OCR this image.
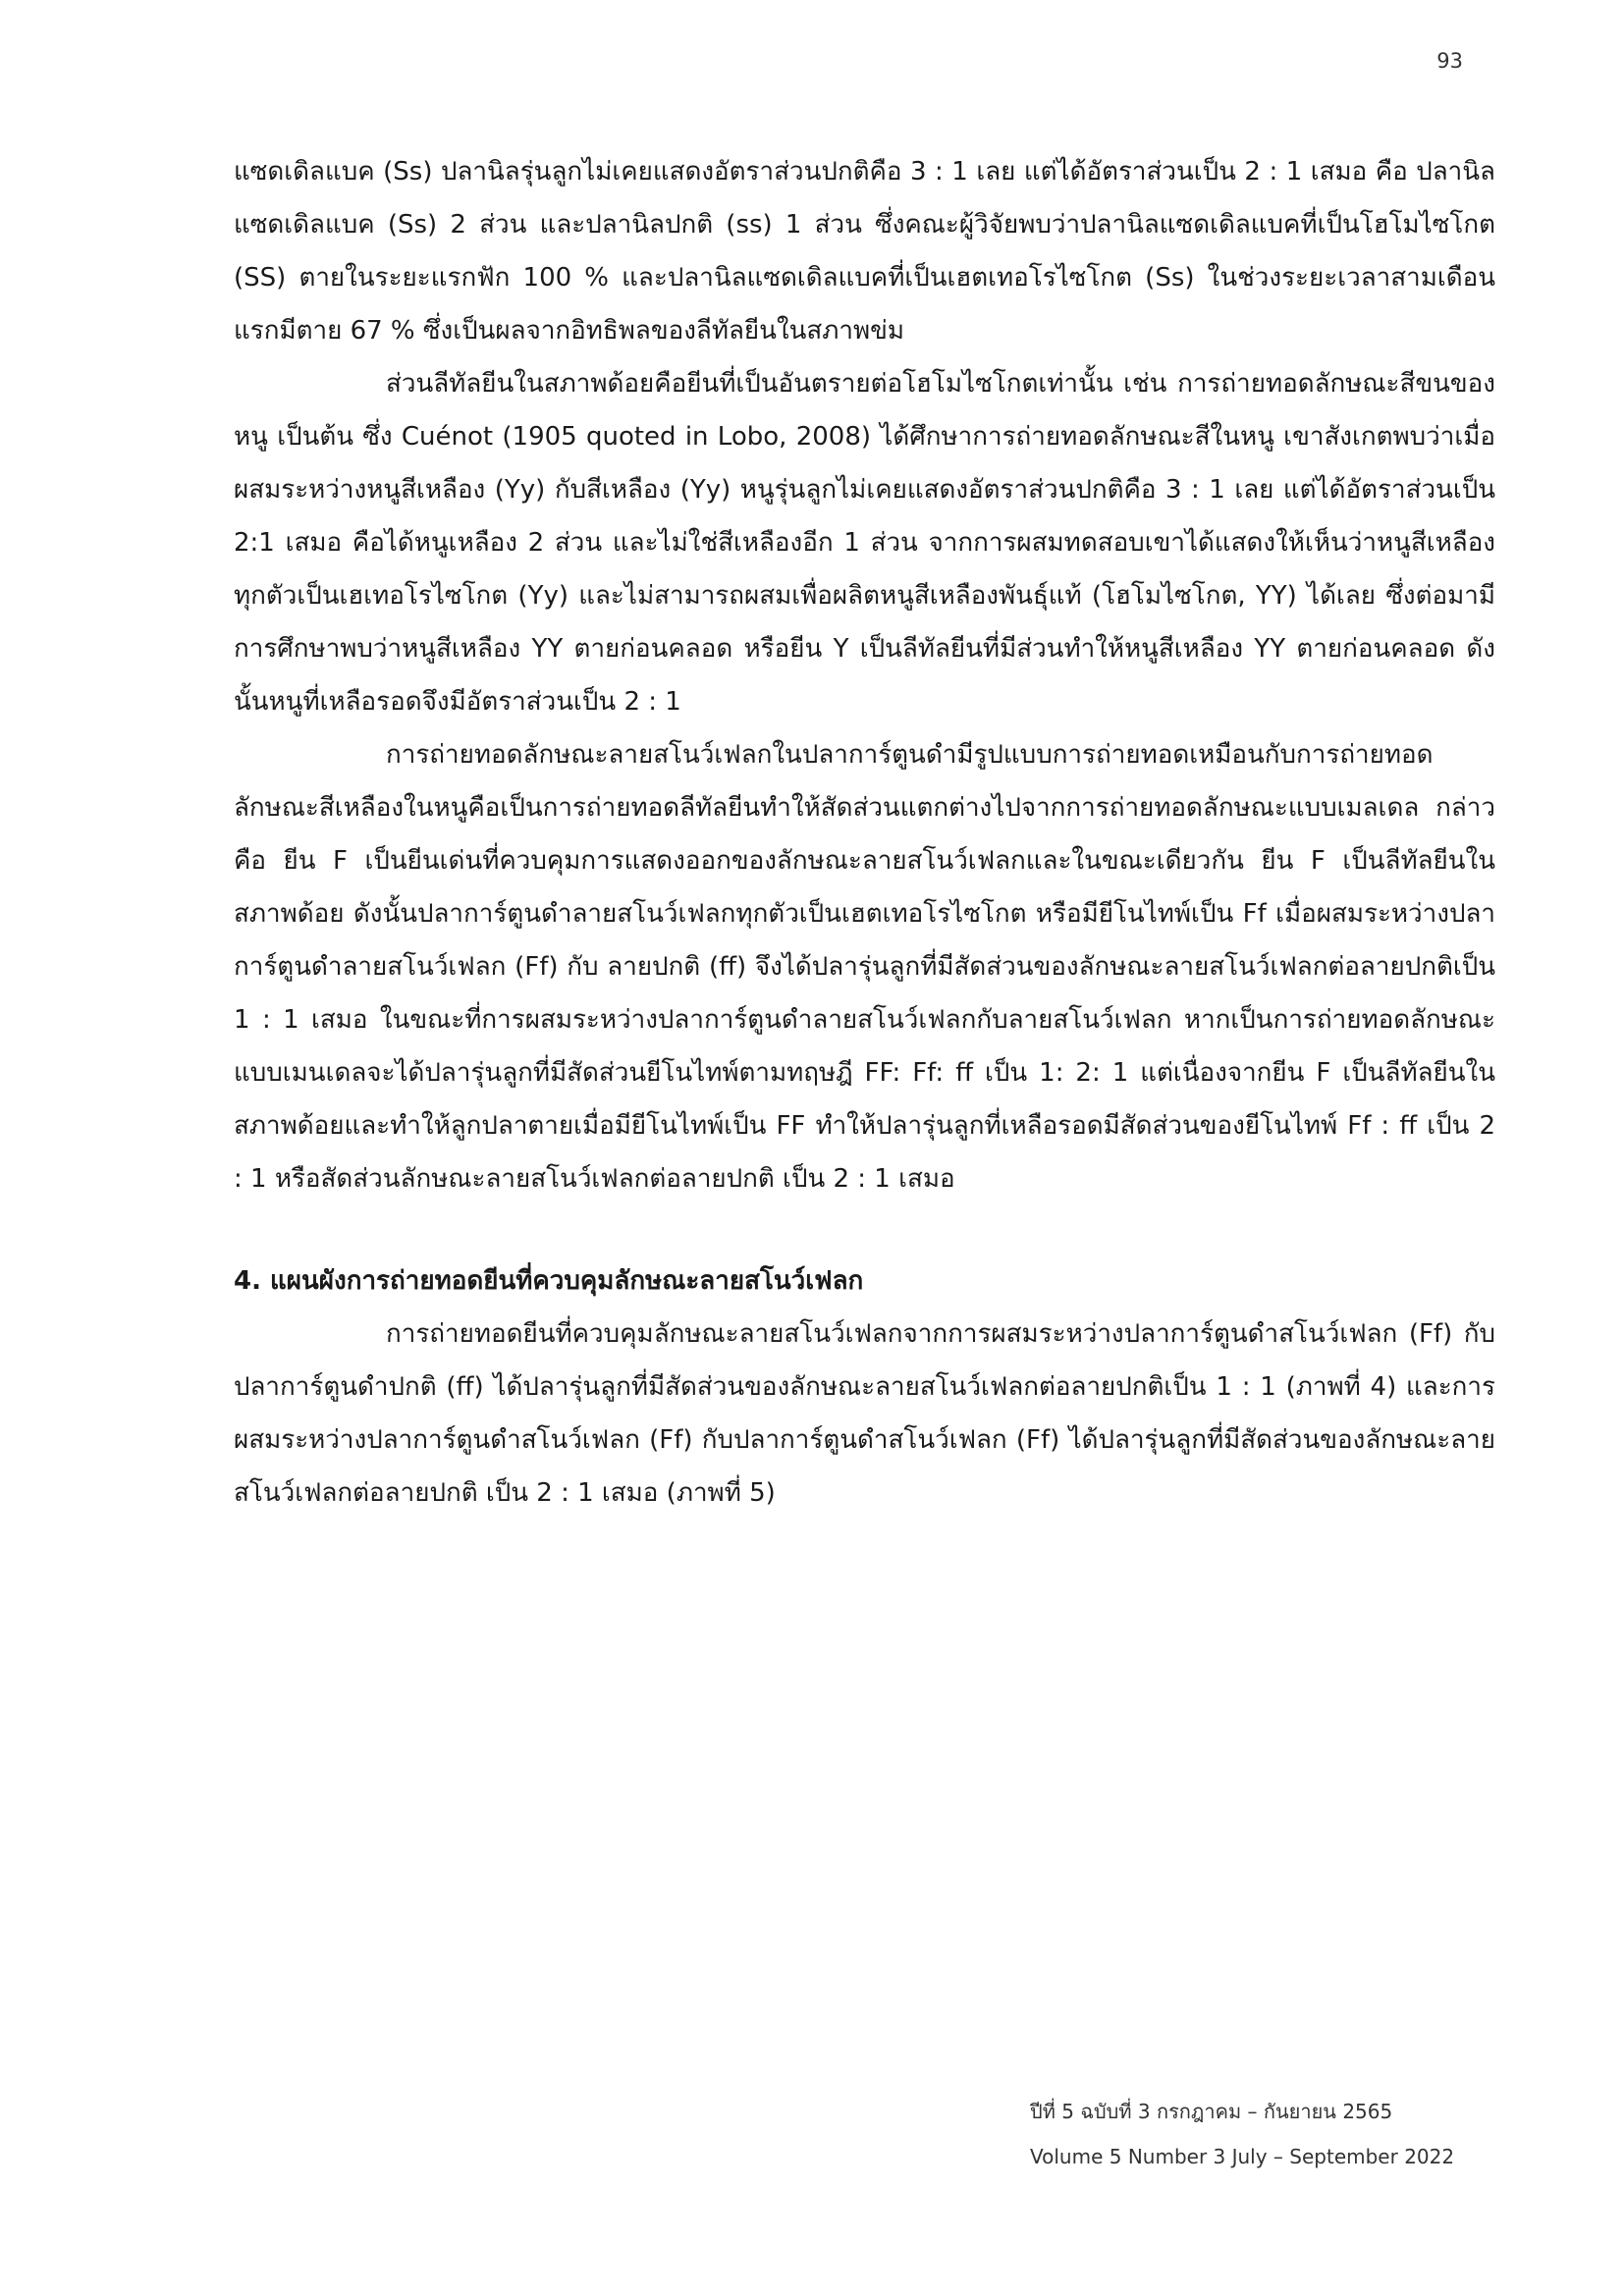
93

แซดเดิลแบค (Ss) ปลานิลรุ่นลูกไม่เคยแสดงอัตราส่วนปกติคือ 3 : 1 เลย แต่ได้อัตราส่วนเป็น 2 : 1 เสมอ คือ ปลานิลแซดเดิลแบค (Ss) 2 ส่วน และปลานิลปกติ (ss) 1 ส่วน ซึ่งคณะผู้วิจัยพบว่าปลานิลแซดเดิลแบคที่เป็นโฮโมไซโกต (SS) ตายในระยะแรกฟัก 100 % และปลานิลแซดเดิลแบคที่เป็นเฮตเทอโรไซโกต (Ss) ในช่วงระยะเวลาสามเดือนแรกมีตาย 67 % ซึ่งเป็นผลจากอิทธิพลของลีทัลยีนในสภาพข่ม

ส่วนลีทัลยีนในสภาพด้อยคือยีนที่เป็นอันตรายต่อโฮโมไซโกตเท่านั้น เช่น การถ่ายทอดลักษณะสีขนของหนู เป็นต้น ซึ่ง Cuénot (1905 quoted in Lobo, 2008) ได้ศึกษาการถ่ายทอดลักษณะสีในหนู เขาสังเกตพบว่าเมื่อผสมระหว่างหนูสีเหลือง (Yy) กับสีเหลือง (Yy) หนูรุ่นลูกไม่เคยแสดงอัตราส่วนปกติคือ 3 : 1 เลย แต่ได้อัตราส่วนเป็น 2:1 เสมอ คือได้หนูเหลือง 2 ส่วน และไม่ใช่สีเหลืองอีก 1 ส่วน จากการผสมทดสอบเขาได้แสดงให้เห็นว่าหนูสีเหลืองทุกตัวเป็นเฮเทอโรไซโกต (Yy) และไม่สามารถผสมเพื่อผลิตหนูสีเหลืองพันธุ์แท้ (โฮโมไซโกต, YY) ได้เลย ซึ่งต่อมามีการศึกษาพบว่าหนูสีเหลือง YY ตายก่อนคลอด หรือยีน Y เป็นลีทัลยีนที่มีส่วนทำให้หนูสีเหลือง YY ตายก่อนคลอด ดังนั้นหนูที่เหลือรอดจึงมีอัตราส่วนเป็น 2 : 1

การถ่ายทอดลักษณะลายสโนว์เฟลกในปลาการ์ตูนดำมีรูปแบบการถ่ายทอดเหมือนกับการถ่ายทอดลักษณะสีเหลืองในหนูคือเป็นการถ่ายทอดลีทัลยีนทำให้สัดส่วนแตกต่างไปจากการถ่ายทอดลักษณะแบบเมลเดล กล่าวคือ ยีน F เป็นยีนเด่นที่ควบคุมการแสดงออกของลักษณะลายสโนว์เฟลกและในขณะเดียวกัน ยีน F เป็นลีทัลยีนในสภาพด้อย ดังนั้นปลาการ์ตูนดำลายสโนว์เฟลกทุกตัวเป็นเฮตเทอโรไซโกต หรือมียีโนไทพ์เป็น Ff เมื่อผสมระหว่างปลาการ์ตูนดำลายสโนว์เฟลก (Ff) กับ ลายปกติ (ff) จึงได้ปลารุ่นลูกที่มีสัดส่วนของลักษณะลายสโนว์เฟลกต่อลายปกติเป็น 1 : 1 เสมอ ในขณะที่การผสมระหว่างปลาการ์ตูนดำลายสโนว์เฟลกกับลายสโนว์เฟลก หากเป็นการถ่ายทอดลักษณะแบบเมนเดลจะได้ปลารุ่นลูกที่มีสัดส่วนยีโนไทพ์ตามทฤษฎี FF: Ff: ff เป็น 1: 2: 1 แต่เนื่องจากยีน F เป็นลีทัลยีนในสภาพด้อยและทำให้ลูกปลาตายเมื่อมียีโนไทพ์เป็น FF ทำให้ปลารุ่นลูกที่เหลือรอดมีสัดส่วนของยีโนไทพ์ Ff : ff เป็น 2 : 1 หรือสัดส่วนลักษณะลายสโนว์เฟลกต่อลายปกติ เป็น 2 : 1 เสมอ

4. แผนผังการถ่ายทอดยีนที่ควบคุมลักษณะลายสโนว์เฟลก

การถ่ายทอดยีนที่ควบคุมลักษณะลายสโนว์เฟลกจากการผสมระหว่างปลาการ์ตูนดำสโนว์เฟลก (Ff) กับปลาการ์ตูนดำปกติ (ff) ได้ปลารุ่นลูกที่มีสัดส่วนของลักษณะลายสโนว์เฟลกต่อลายปกติเป็น 1 : 1 (ภาพที่ 4) และการผสมระหว่างปลาการ์ตูนดำสโนว์เฟลก (Ff) กับปลาการ์ตูนดำสโนว์เฟลก (Ff) ได้ปลารุ่นลูกที่มีสัดส่วนของลักษณะลายสโนว์เฟลกต่อลายปกติ เป็น 2 : 1 เสมอ (ภาพที่ 5)

ปีที่ 5 ฉบับที่ 3 กรกฎาคม – กันยายน 2565
Volume 5 Number 3 July – September 2022
